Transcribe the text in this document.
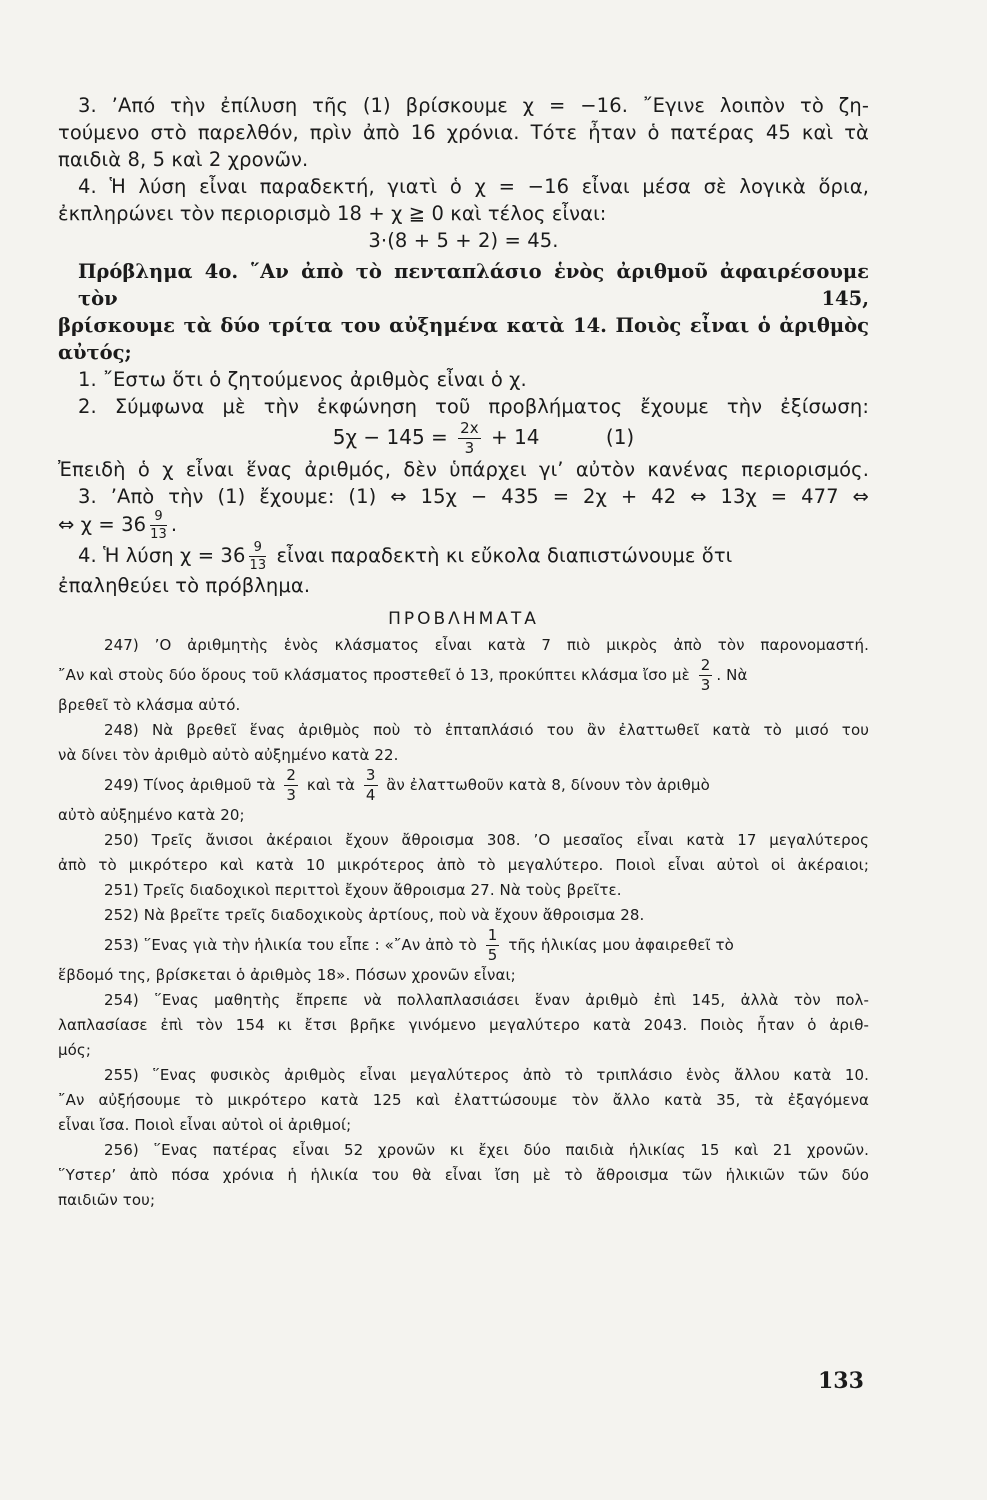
3. ’Από τὴν ἐπίλυση τῆς (1) βρίσκουμε χ = −16. ῎Εγινε λοιπὸν τὸ ζη-
τούμενο στὸ παρελθόν, πρὶν ἀπὸ 16 χρόνια. Τότε ἦταν ὁ πατέρας 45 καὶ τὰ
παιδιὰ 8, 5 καὶ 2 χρονῶν.
4. Ἡ λύση εἶναι παραδεκτή, γιατὶ ὁ χ = −16 εἶναι μέσα σὲ λογικὰ ὅρια,
ἐκπληρώνει τὸν περιορισμὸ 18 + χ ≧ 0 καὶ τέλος εἶναι:
3·(8 + 5 + 2) = 45.
Πρόβλημα 4ο. ῞Αν ἀπὸ τὸ πενταπλάσιο ἑνὸς ἀριθμοῦ ἀφαιρέσουμε τὸν 145,
βρίσκουμε τὰ δύο τρίτα του αὐξημένα κατὰ 14. Ποιὸς εἶναι ὁ ἀριθμὸς αὐτός;
1. ῎Εστω ὅτι ὁ ζητούμενος ἀριθμὸς εἶναι ὁ χ.
2. Σύμφωνα μὲ τὴν ἐκφώνηση τοῦ προβλήματος ἔχουμε τὴν ἐξίσωση:
$5\chi - 145 = \frac{2x}{3} + 14$	(1)
Ἐπειδὴ ὁ χ εἶναι ἕνας ἀριθμός, δὲν ὑπάρχει γι’ αὐτὸν κανένας περιορισμός.
3. ’Απὸ τὴν (1) ἔχουμε: (1) ⇔ 15χ − 435 = 2χ + 42 ⇔ 13χ = 477 ⇔
⇔ $\chi = 36 \frac{9}{13}$ .
4. Ἡ λύση $\chi = 36 \frac{9}{13}$ εἶναι παραδεκτὴ κι εὔκολα διαπιστώνουμε ὅτι
ἐπαληθεύει τὸ πρόβλημα.
ΠΡΟΒΛΗΜΑΤΑ
247) ’Ο ἀριθμητὴς ἑνὸς κλάσματος εἶναι κατὰ 7 πιὸ μικρὸς ἀπὸ τὸν παρονομαστή.
῎Αν καὶ στοὺς δύο ὅρους τοῦ κλάσματος προστεθεῖ ὁ 13, προκύπτει κλάσμα ἴσο μὲ $\frac{2}{3}$ . Νὰ
βρεθεῖ τὸ κλάσμα αὐτό.
248) Νὰ βρεθεῖ ἕνας ἀριθμὸς ποὺ τὸ ἑπταπλάσιό του ἂν ἐλαττωθεῖ κατὰ τὸ μισό του
νὰ δίνει τὸν ἀριθμὸ αὐτὸ αὐξημένο κατὰ 22.
249) Τίνος ἀριθμοῦ τὰ $\frac{2}{3}$ καὶ τὰ $\frac{3}{4}$ ἂν ἐλαττωθοῦν κατὰ 8, δίνουν τὸν ἀριθμὸ
αὐτὸ αὐξημένο κατὰ 20;
250) Τρεῖς ἄνισοι ἀκέραιοι ἔχουν ἄθροισμα 308. ’Ο μεσαῖος εἶναι κατὰ 17 μεγαλύτερος
ἀπὸ τὸ μικρότερο καὶ κατὰ 10 μικρότερος ἀπὸ τὸ μεγαλύτερο. Ποιοὶ εἶναι αὐτοὶ οἱ ἀκέραιοι;
251) Τρεῖς διαδοχικοὶ περιττοὶ ἔχουν ἄθροισμα 27. Νὰ τοὺς βρεῖτε.
252) Νὰ βρεῖτε τρεῖς διαδοχικοὺς ἀρτίους, ποὺ νὰ ἔχουν ἄθροισμα 28.
253) ῞Ενας γιὰ τὴν ἡλικία του εἶπε : «῎Αν ἀπὸ τὸ $\frac{1}{5}$ τῆς ἡλικίας μου ἀφαιρεθεῖ τὸ
ἕβδομό της, βρίσκεται ὁ ἀριθμὸς 18». Πόσων χρονῶν εἶναι;
254) ῞Ενας μαθητὴς ἔπρεπε νὰ πολλαπλασιάσει ἕναν ἀριθμὸ ἐπὶ 145, ἀλλὰ τὸν πολ-
λαπλασίασε ἐπὶ τὸν 154 κι ἔτσι βρῆκε γινόμενο μεγαλύτερο κατὰ 2043. Ποιὸς ἦταν ὁ ἀριθ-
μός;
255) ῞Ενας φυσικὸς ἀριθμὸς εἶναι μεγαλύτερος ἀπὸ τὸ τριπλάσιο ἑνὸς ἄλλου κατὰ 10.
῎Αν αὐξήσουμε τὸ μικρότερο κατὰ 125 καὶ ἐλαττώσουμε τὸν ἄλλο κατὰ 35, τὰ ἐξαγόμενα
εἶναι ἴσα. Ποιοὶ εἶναι αὐτοὶ οἱ ἀριθμοί;
256) ῞Ενας πατέρας εἶναι 52 χρονῶν κι ἔχει δύο παιδιὰ ἡλικίας 15 καὶ 21 χρονῶν.
῞Υστερ’ ἀπὸ πόσα χρόνια ἡ ἡλικία του θὰ εἶναι ἴση μὲ τὸ ἄθροισμα τῶν ἡλικιῶν τῶν δύο
παιδιῶν του;
133
